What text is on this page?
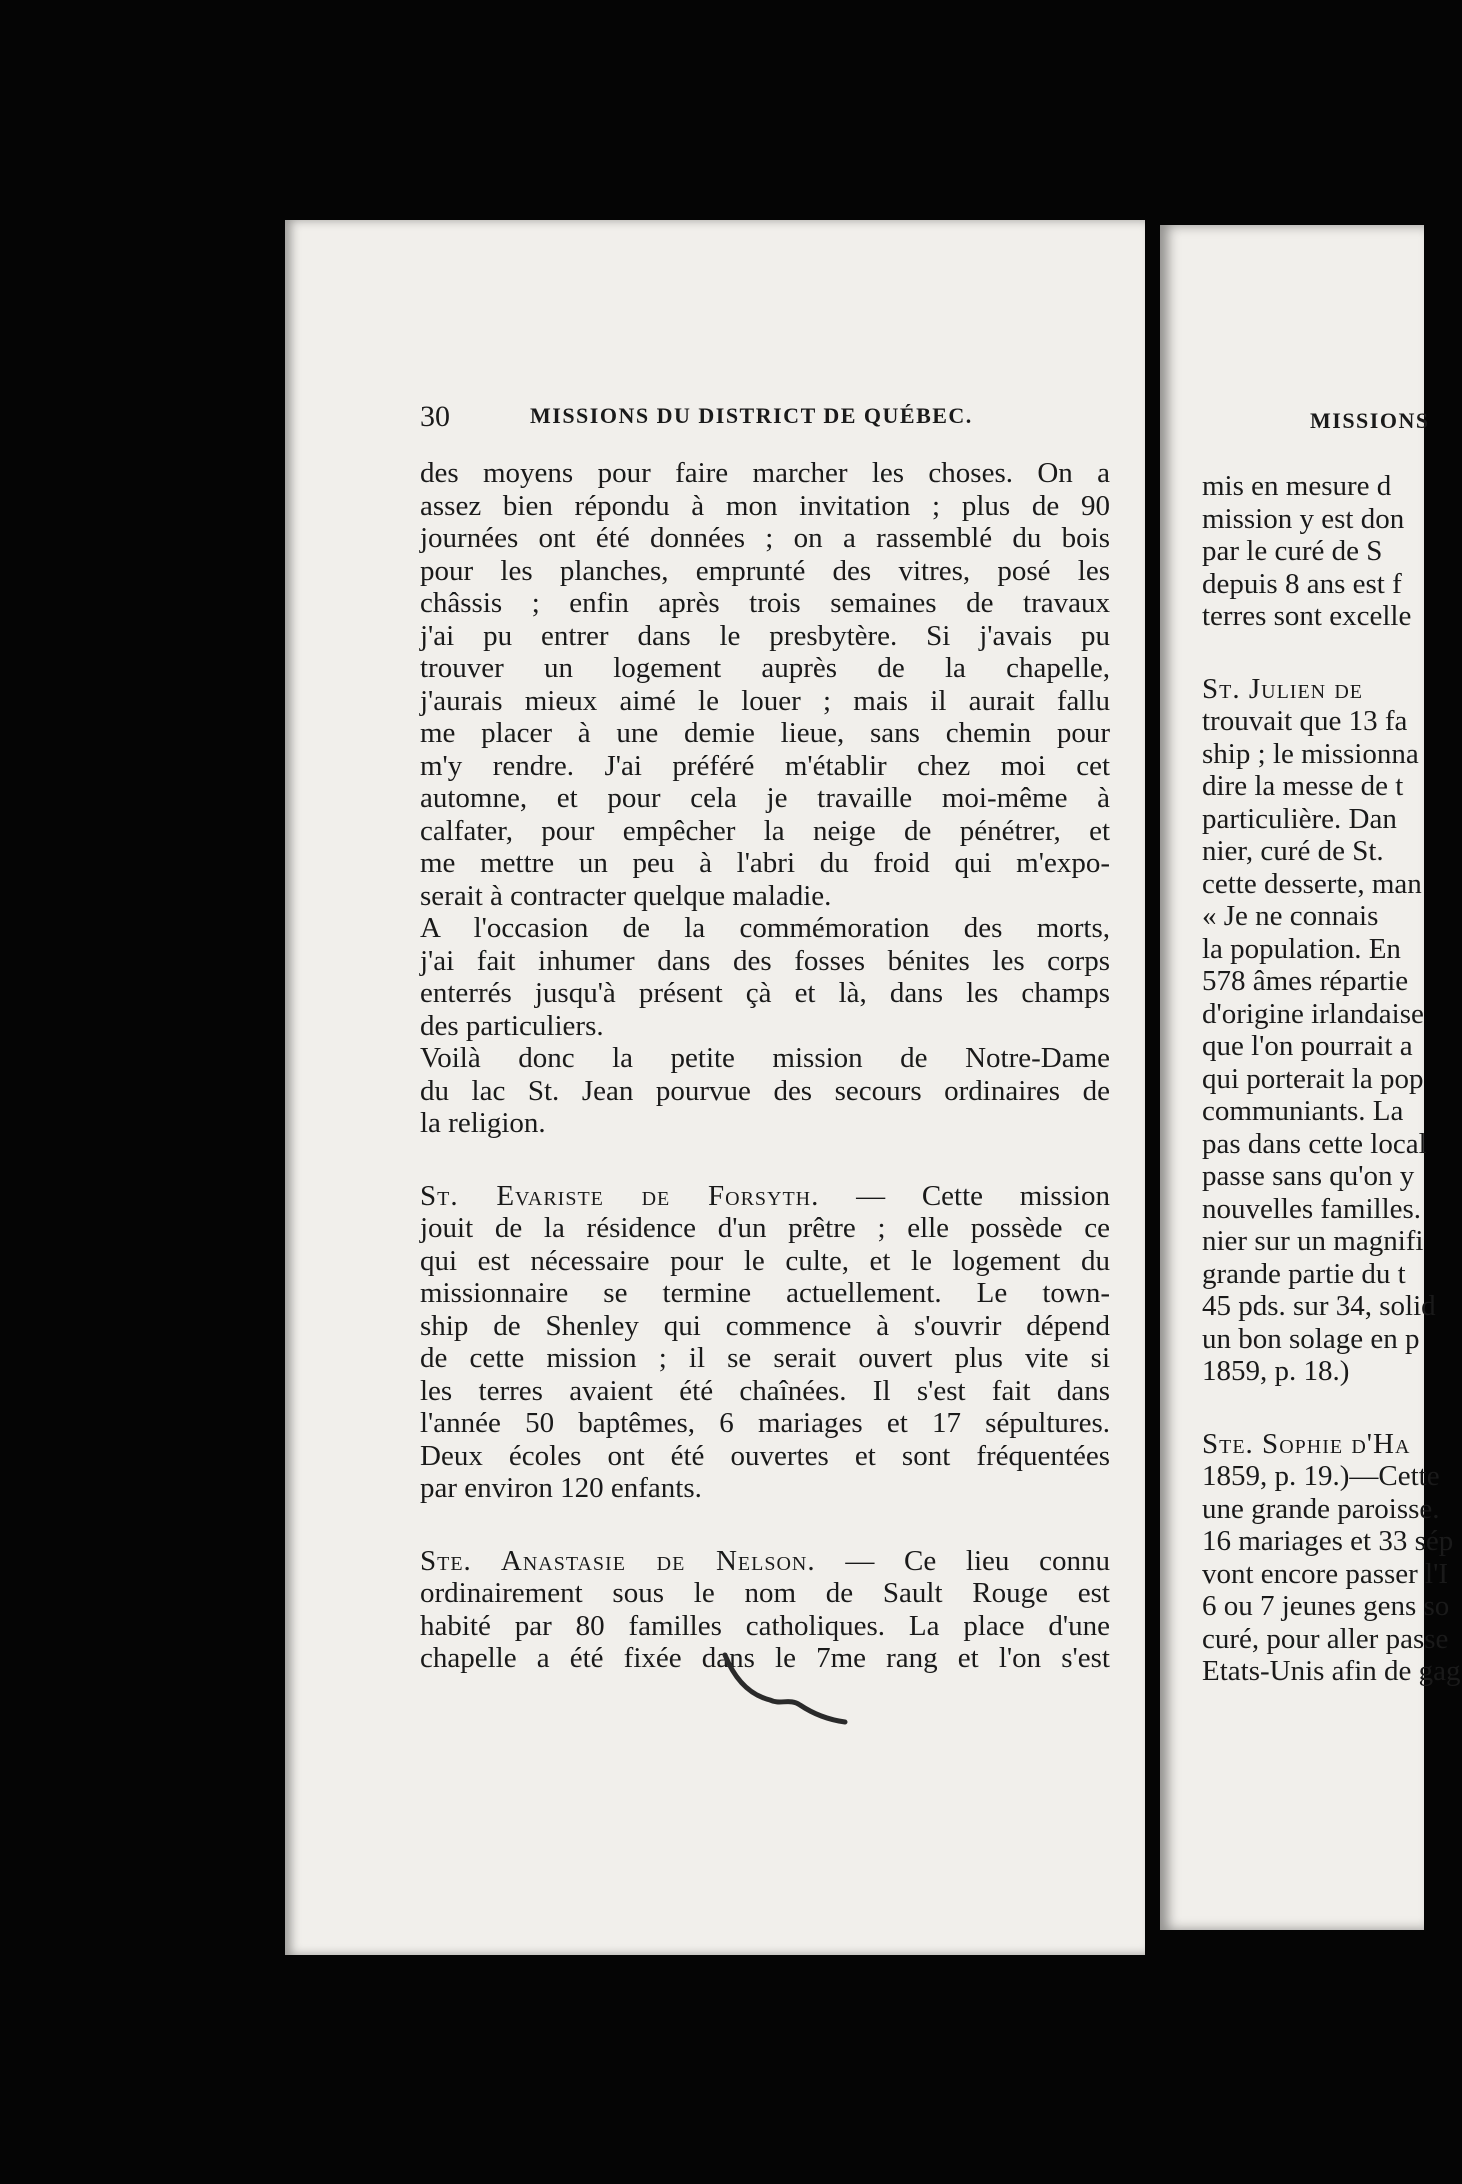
30	MISSIONS DU DISTRICT DE QUÉBEC.
des moyens pour faire marcher les choses. On a
assez bien répondu à mon invitation ; plus de 90
journées ont été données ; on a rassemblé du bois
pour les planches, emprunté des vitres, posé les
châssis ; enfin après trois semaines de travaux
j'ai pu entrer dans le presbytère. Si j'avais pu
trouver un logement auprès de la chapelle,
j'aurais mieux aimé le louer ; mais il aurait fallu
me placer à une demie lieue, sans chemin pour
m'y rendre. J'ai préféré m'établir chez moi cet
automne, et pour cela je travaille moi-même à
calfater, pour empêcher la neige de pénétrer, et
me mettre un peu à l'abri du froid qui m'expo-
serait à contracter quelque maladie.
A l'occasion de la commémoration des morts,
j'ai fait inhumer dans des fosses bénites les corps
enterrés jusqu'à présent çà et là, dans les champs
des particuliers.
Voilà donc la petite mission de Notre-Dame
du lac St. Jean pourvue des secours ordinaires de
la religion.
St. Evariste de Forsyth. — Cette mission
jouit de la résidence d'un prêtre ; elle possède ce
qui est nécessaire pour le culte, et le logement du
missionnaire se termine actuellement. Le town-
ship de Shenley qui commence à s'ouvrir dépend
de cette mission ; il se serait ouvert plus vite si
les terres avaient été chaînées. Il s'est fait dans
l'année 50 baptêmes, 6 mariages et 17 sépultures.
Deux écoles ont été ouvertes et sont fréquentées
par environ 120 enfants.
Ste. Anastasie de Nelson. — Ce lieu connu
ordinairement sous le nom de Sault Rouge est
habité par 80 familles catholiques. La place d'une
chapelle a été fixée dans le 7me rang et l'on s'est
MISSIONS
mis en mesure d
mission y est don
par le curé de S
depuis 8 ans est f
terres sont excelle
St. Julien de
trouvait que 13 fa
ship ; le missionna
dire la messe de t
particulière. Dan
nier, curé de St.
cette desserte, man
« Je ne connais
la population. En
578 âmes répartie
d'origine irlandaise
que l'on pourrait a
qui porterait la pop
communiants. La
pas dans cette local
passe sans qu'on y
nouvelles familles.
nier sur un magnifi
grande partie du t
45 pds. sur 34, solid
un bon solage en p
1859, p. 18.)
Ste. Sophie d'Ha
1859, p. 19.)—Cette
une grande paroisse.
16 mariages et 33 sép
vont encore passer l'I
6 ou 7 jeunes gens so
curé, pour aller passe
Etats-Unis afin de gag
